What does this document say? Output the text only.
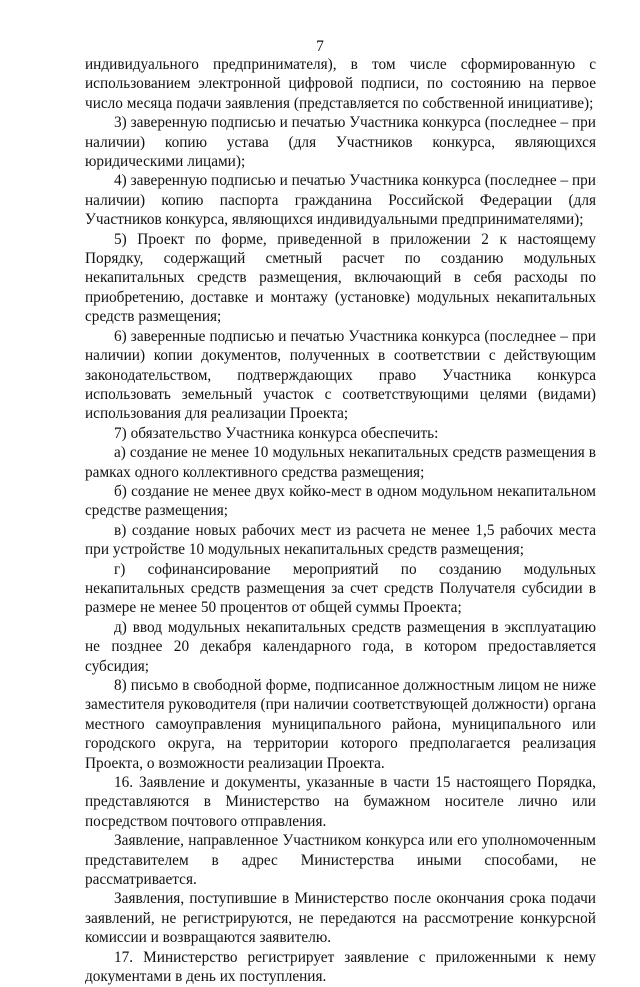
7

индивидуального предпринимателя), в том числе сформированную с использованием электронной цифровой подписи, по состоянию на первое число месяца подачи заявления (представляется по собственной инициативе);

3) заверенную подписью и печатью Участника конкурса (последнее – при наличии) копию устава (для Участников конкурса, являющихся юридическими лицами);

4) заверенную подписью и печатью Участника конкурса (последнее – при наличии) копию паспорта гражданина Российской Федерации (для Участников конкурса, являющихся индивидуальными предпринимателями);

5) Проект по форме, приведенной в приложении 2 к настоящему Порядку, содержащий сметный расчет по созданию модульных некапитальных средств размещения, включающий в себя расходы по приобретению, доставке и монтажу (установке) модульных некапитальных средств размещения;

6) заверенные подписью и печатью Участника конкурса (последнее – при наличии) копии документов, полученных в соответствии с действующим законодательством, подтверждающих право Участника конкурса использовать земельный участок с соответствующими целями (видами) использования для реализации Проекта;

7) обязательство Участника конкурса обеспечить:

а) создание не менее 10 модульных некапитальных средств размещения в рамках одного коллективного средства размещения;

б) создание не менее двух койко-мест в одном модульном некапитальном средстве размещения;

в) создание новых рабочих мест из расчета не менее 1,5 рабочих места при устройстве 10 модульных некапитальных средств размещения;

г) софинансирование мероприятий по созданию модульных некапитальных средств размещения за счет средств Получателя субсидии в размере не менее 50 процентов от общей суммы Проекта;

д) ввод модульных некапитальных средств размещения в эксплуатацию не позднее 20 декабря календарного года, в котором предоставляется субсидия;

8) письмо в свободной форме, подписанное должностным лицом не ниже заместителя руководителя (при наличии соответствующей должности) органа местного самоуправления муниципального района, муниципального или городского округа, на территории которого предполагается реализация Проекта, о возможности реализации Проекта.

16. Заявление и документы, указанные в части 15 настоящего Порядка, представляются в Министерство на бумажном носителе лично или посредством почтового отправления.

Заявление, направленное Участником конкурса или его уполномоченным представителем в адрес Министерства иными способами, не рассматривается.

Заявления, поступившие в Министерство после окончания срока подачи заявлений, не регистрируются, не передаются на рассмотрение конкурсной комиссии и возвращаются заявителю.

17. Министерство регистрирует заявление с приложенными к нему документами в день их поступления.
